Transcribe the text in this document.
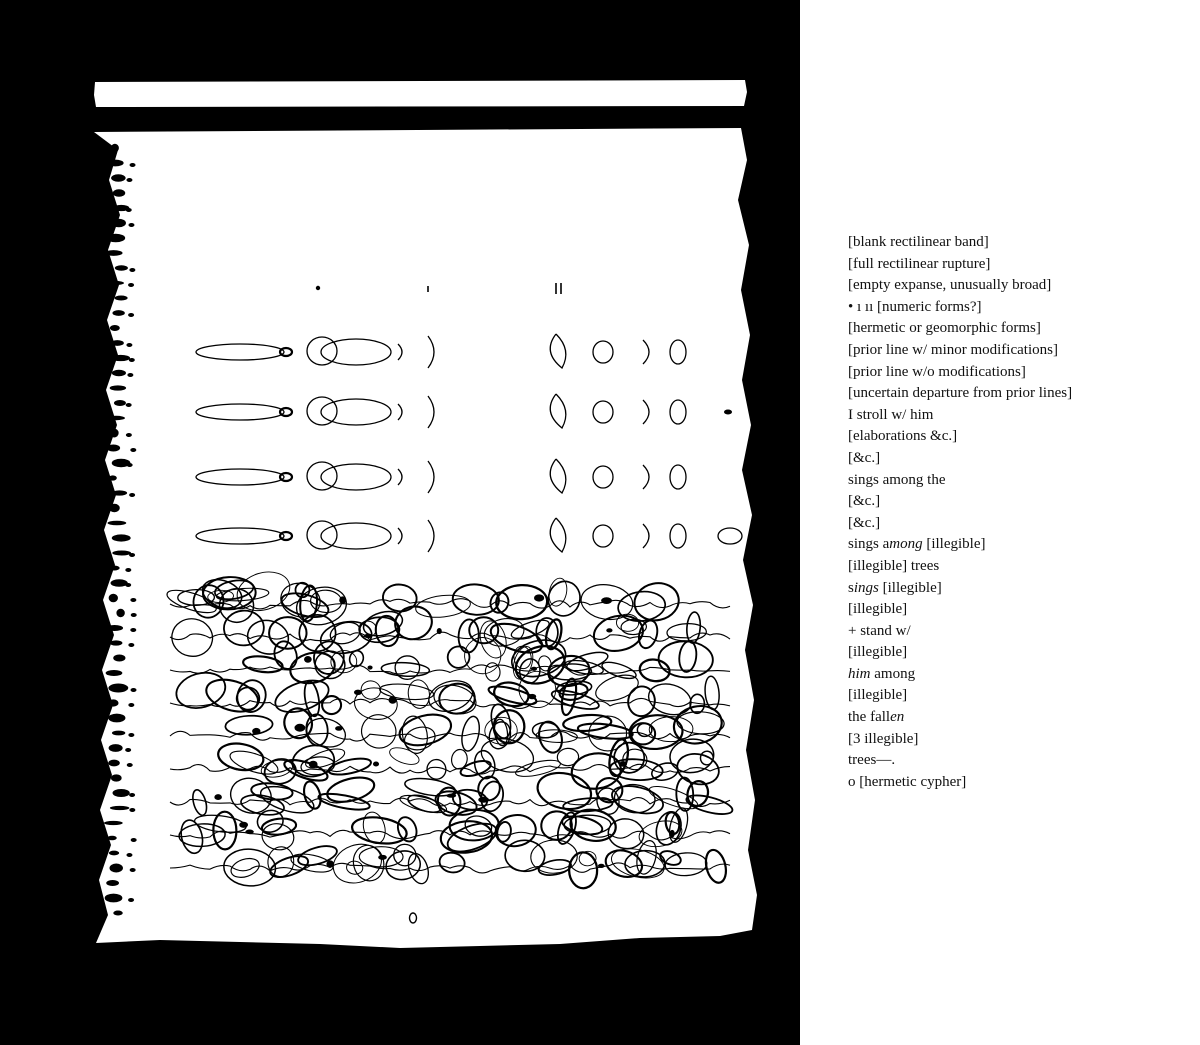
[blank rectilinear band]
[full rectilinear rupture]
[empty expanse, unusually broad]
• ı ıı [numeric forms?]
[hermetic or geomorphic forms]
[prior line w/ minor modifications]
[prior line w/o modifications]
[uncertain departure from prior lines]
I stroll w/ him
[elaborations &c.]
[&c.]
sings among the
[&c.]
[&c.]
sings among [illegible]
[illegible] trees
sings [illegible]
[illegible]
+ stand w/
[illegible]
him among
[illegible]
the fallen
[3 illegible]
trees—.
o [hermetic cypher]
